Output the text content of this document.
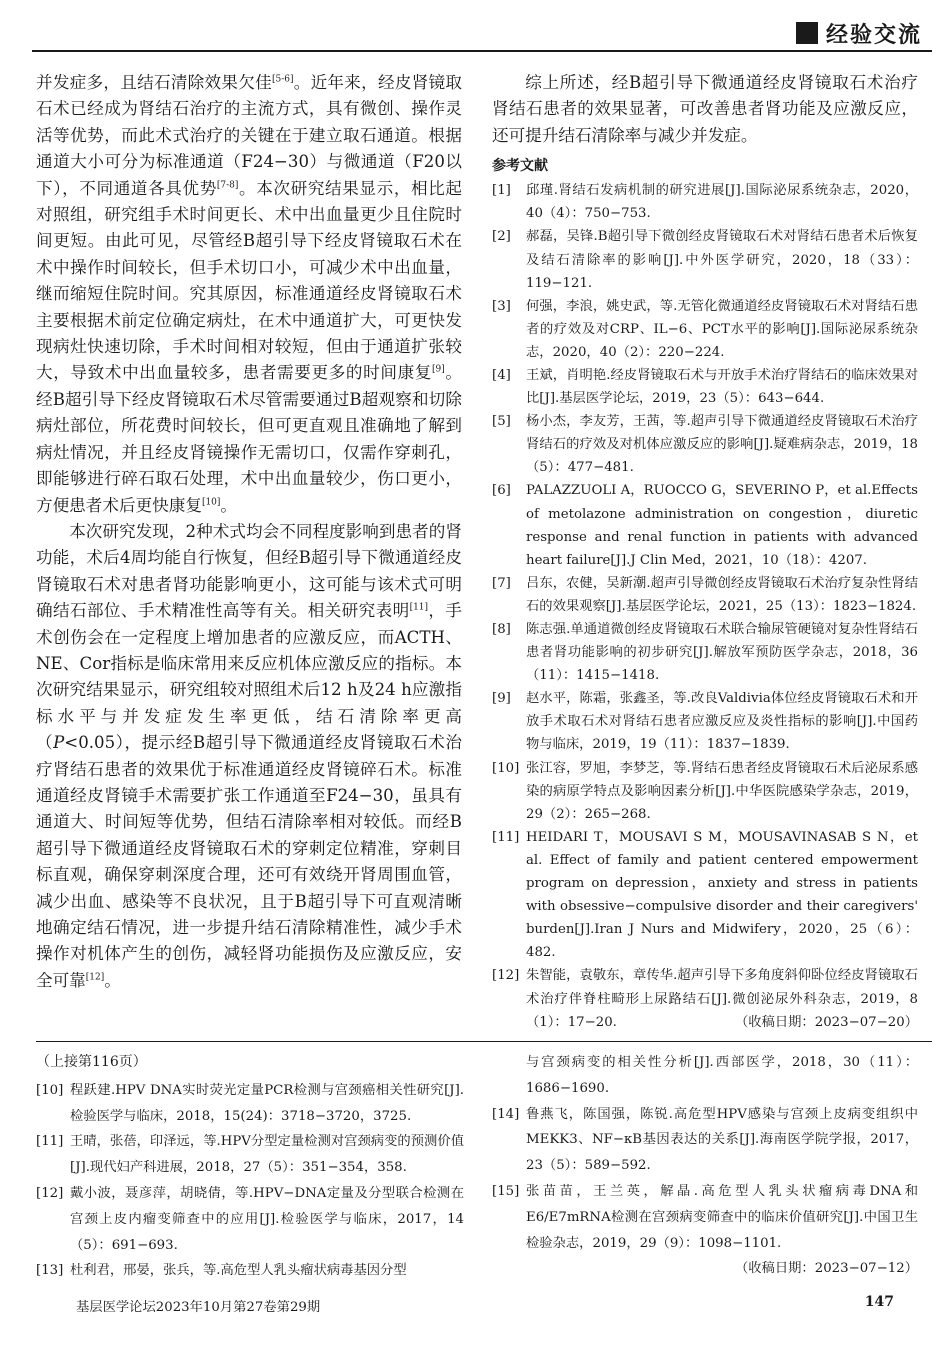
经验交流

并发症多，且结石清除效果欠佳[5-6]。近年来，经皮肾镜取石术已经成为肾结石治疗的主流方式，具有微创、操作灵活等优势，而此术式治疗的关键在于建立取石通道。根据通道大小可分为标准通道（F24−30）与微通道（F20以下），不同通道各具优势[7-8]。本次研究结果显示，相比起对照组，研究组手术时间更长、术中出血量更少且住院时间更短。由此可见，尽管经B超引导下经皮肾镜取石术在术中操作时间较长，但手术切口小，可减少术中出血量，继而缩短住院时间。究其原因，标准通道经皮肾镜取石术主要根据术前定位确定病灶，在术中通道扩大，可更快发现病灶快速切除，手术时间相对较短，但由于通道扩张较大，导致术中出血量较多，患者需要更多的时间康复[9]。经B超引导下经皮肾镜取石术尽管需要通过B超观察和切除病灶部位，所花费时间较长，但可更直观且准确地了解到病灶情况，并且经皮肾镜操作无需切口，仅需作穿刺孔，即能够进行碎石取石处理，术中出血量较少，伤口更小，方便患者术后更快康复[10]。

本次研究发现，2种术式均会不同程度影响到患者的肾功能，术后4周均能自行恢复，但经B超引导下微通道经皮肾镜取石术对患者肾功能影响更小，这可能与该术式可明确结石部位、手术精准性高等有关。相关研究表明[11]，手术创伤会在一定程度上增加患者的应激反应，而ACTH、NE、Cor指标是临床常用来反应机体应激反应的指标。本次研究结果显示，研究组较对照组术后12 h及24 h应激指标水平与并发症发生率更低，结石清除率更高（P<0.05），提示经B超引导下微通道经皮肾镜取石术治疗肾结石患者的效果优于标准通道经皮肾镜碎石术。标准通道经皮肾镜手术需要扩张工作通道至F24−30，虽具有通道大、时间短等优势，但结石清除率相对较低。而经B超引导下微通道经皮肾镜取石术的穿刺定位精准，穿刺目标直观，确保穿刺深度合理，还可有效绕开肾周围血管，减少出血、感染等不良状况，且于B超引导下可直观清晰地确定结石情况，进一步提升结石清除精准性，减少手术操作对机体产生的创伤，减轻肾功能损伤及应激反应，安全可靠[12]。

综上所述，经B超引导下微通道经皮肾镜取石术治疗肾结石患者的效果显著，可改善患者肾功能及应激反应，还可提升结石清除率与减少并发症。

参考文献
[1]	邱瑾.肾结石发病机制的研究进展[J].国际泌尿系统杂志，2020，40（4）：750−753.
[2]	郝磊，吴锋.B超引导下微创经皮肾镜取石术对肾结石患者术后恢复及结石清除率的影响[J].中外医学研究，2020，18（33）：119−121.
[3]	何强，李浪，姚史武，等.无管化微通道经皮肾镜取石术对肾结石患者的疗效及对CRP、IL−6、PCT水平的影响[J].国际泌尿系统杂志，2020，40（2）：220−224.
[4]	王斌，肖明艳.经皮肾镜取石术与开放手术治疗肾结石的临床效果对比[J].基层医学论坛，2019，23（5）：643−644.
[5]	杨小杰，李友芳，王茜，等.超声引导下微通道经皮肾镜取石术治疗肾结石的疗效及对机体应激反应的影响[J].疑难病杂志，2019，18（5）：477−481.
[6]	PALAZZUOLI A，RUOCCO G，SEVERINO P，et al.Effects of metolazone administration on congestion，diuretic response and renal function in patients with advanced heart failure[J].J Clin Med，2021，10（18）：4207.
[7]	吕东，农健，吴新潮.超声引导微创经皮肾镜取石术治疗复杂性肾结石的效果观察[J].基层医学论坛，2021，25（13）：1823−1824.
[8]	陈志强.单通道微创经皮肾镜取石术联合输尿管硬镜对复杂性肾结石患者肾功能影响的初步研究[J].解放军预防医学杂志，2018，36（11）：1415−1418.
[9]	赵水平，陈霜，张鑫圣，等.改良Valdivia体位经皮肾镜取石术和开放手术取石术对肾结石患者应激反应及炎性指标的影响[J].中国药物与临床，2019，19（11）：1837−1839.
[10] 张江容，罗旭，李梦芝，等.肾结石患者经皮肾镜取石术后泌尿系感染的病原学特点及影响因素分析[J].中华医院感染学杂志，2019，29（2）：265−268.
[11] HEIDARI T，MOUSAVI S M，MOUSAVINASAB S N，et al. Effect of family and patient centered empowerment program on depression，anxiety and stress in patients with obsessive−compulsive disorder and their caregivers' burden[J].Iran J Nurs and Midwifery，2020，25（6）：482.
[12] 朱智能，袁敬东，章传华.超声引导下多角度斜仰卧位经皮肾镜取石术治疗伴脊柱畸形上尿路结石[J].微创泌尿外科杂志，2019，8（1）：17−20.	（收稿日期：2023−07−20）
（上接第116页）
[10] 程跃建.HPV DNA实时荧光定量PCR检测与宫颈癌相关性研究[J].检验医学与临床，2018，15(24)：3718−3720，3725.
[11] 王晴，张蓓，印泽远，等.HPV分型定量检测对宫颈病变的预测价值[J].现代妇产科进展，2018，27（5）：351−354，358.
[12] 戴小波，聂彦萍，胡晓倩，等.HPV−DNA定量及分型联合检测在宫颈上皮内瘤变筛查中的应用[J].检验医学与临床，2017，14（5）：691−693.
[13] 杜利君，邢晏，张兵，等.高危型人乳头瘤状病毒基因分型
与宫颈病变的相关性分析[J].西部医学，2018，30（11）：1686−1690.
[14] 鲁燕飞，陈国强，陈锐.高危型HPV感染与宫颈上皮病变组织中MEKK3、NF−κB基因表达的关系[J].海南医学院学报，2017，23（5）：589−592.
[15] 张苗苗，王兰英，解晶.高危型人乳头状瘤病毒DNA和E6/E7mRNA检测在宫颈病变筛查中的临床价值研究[J].中国卫生检验杂志，2019，29（9）：1098−1101.
（收稿日期：2023−07−12）
基层医学论坛2023年10月第27卷第29期	147
